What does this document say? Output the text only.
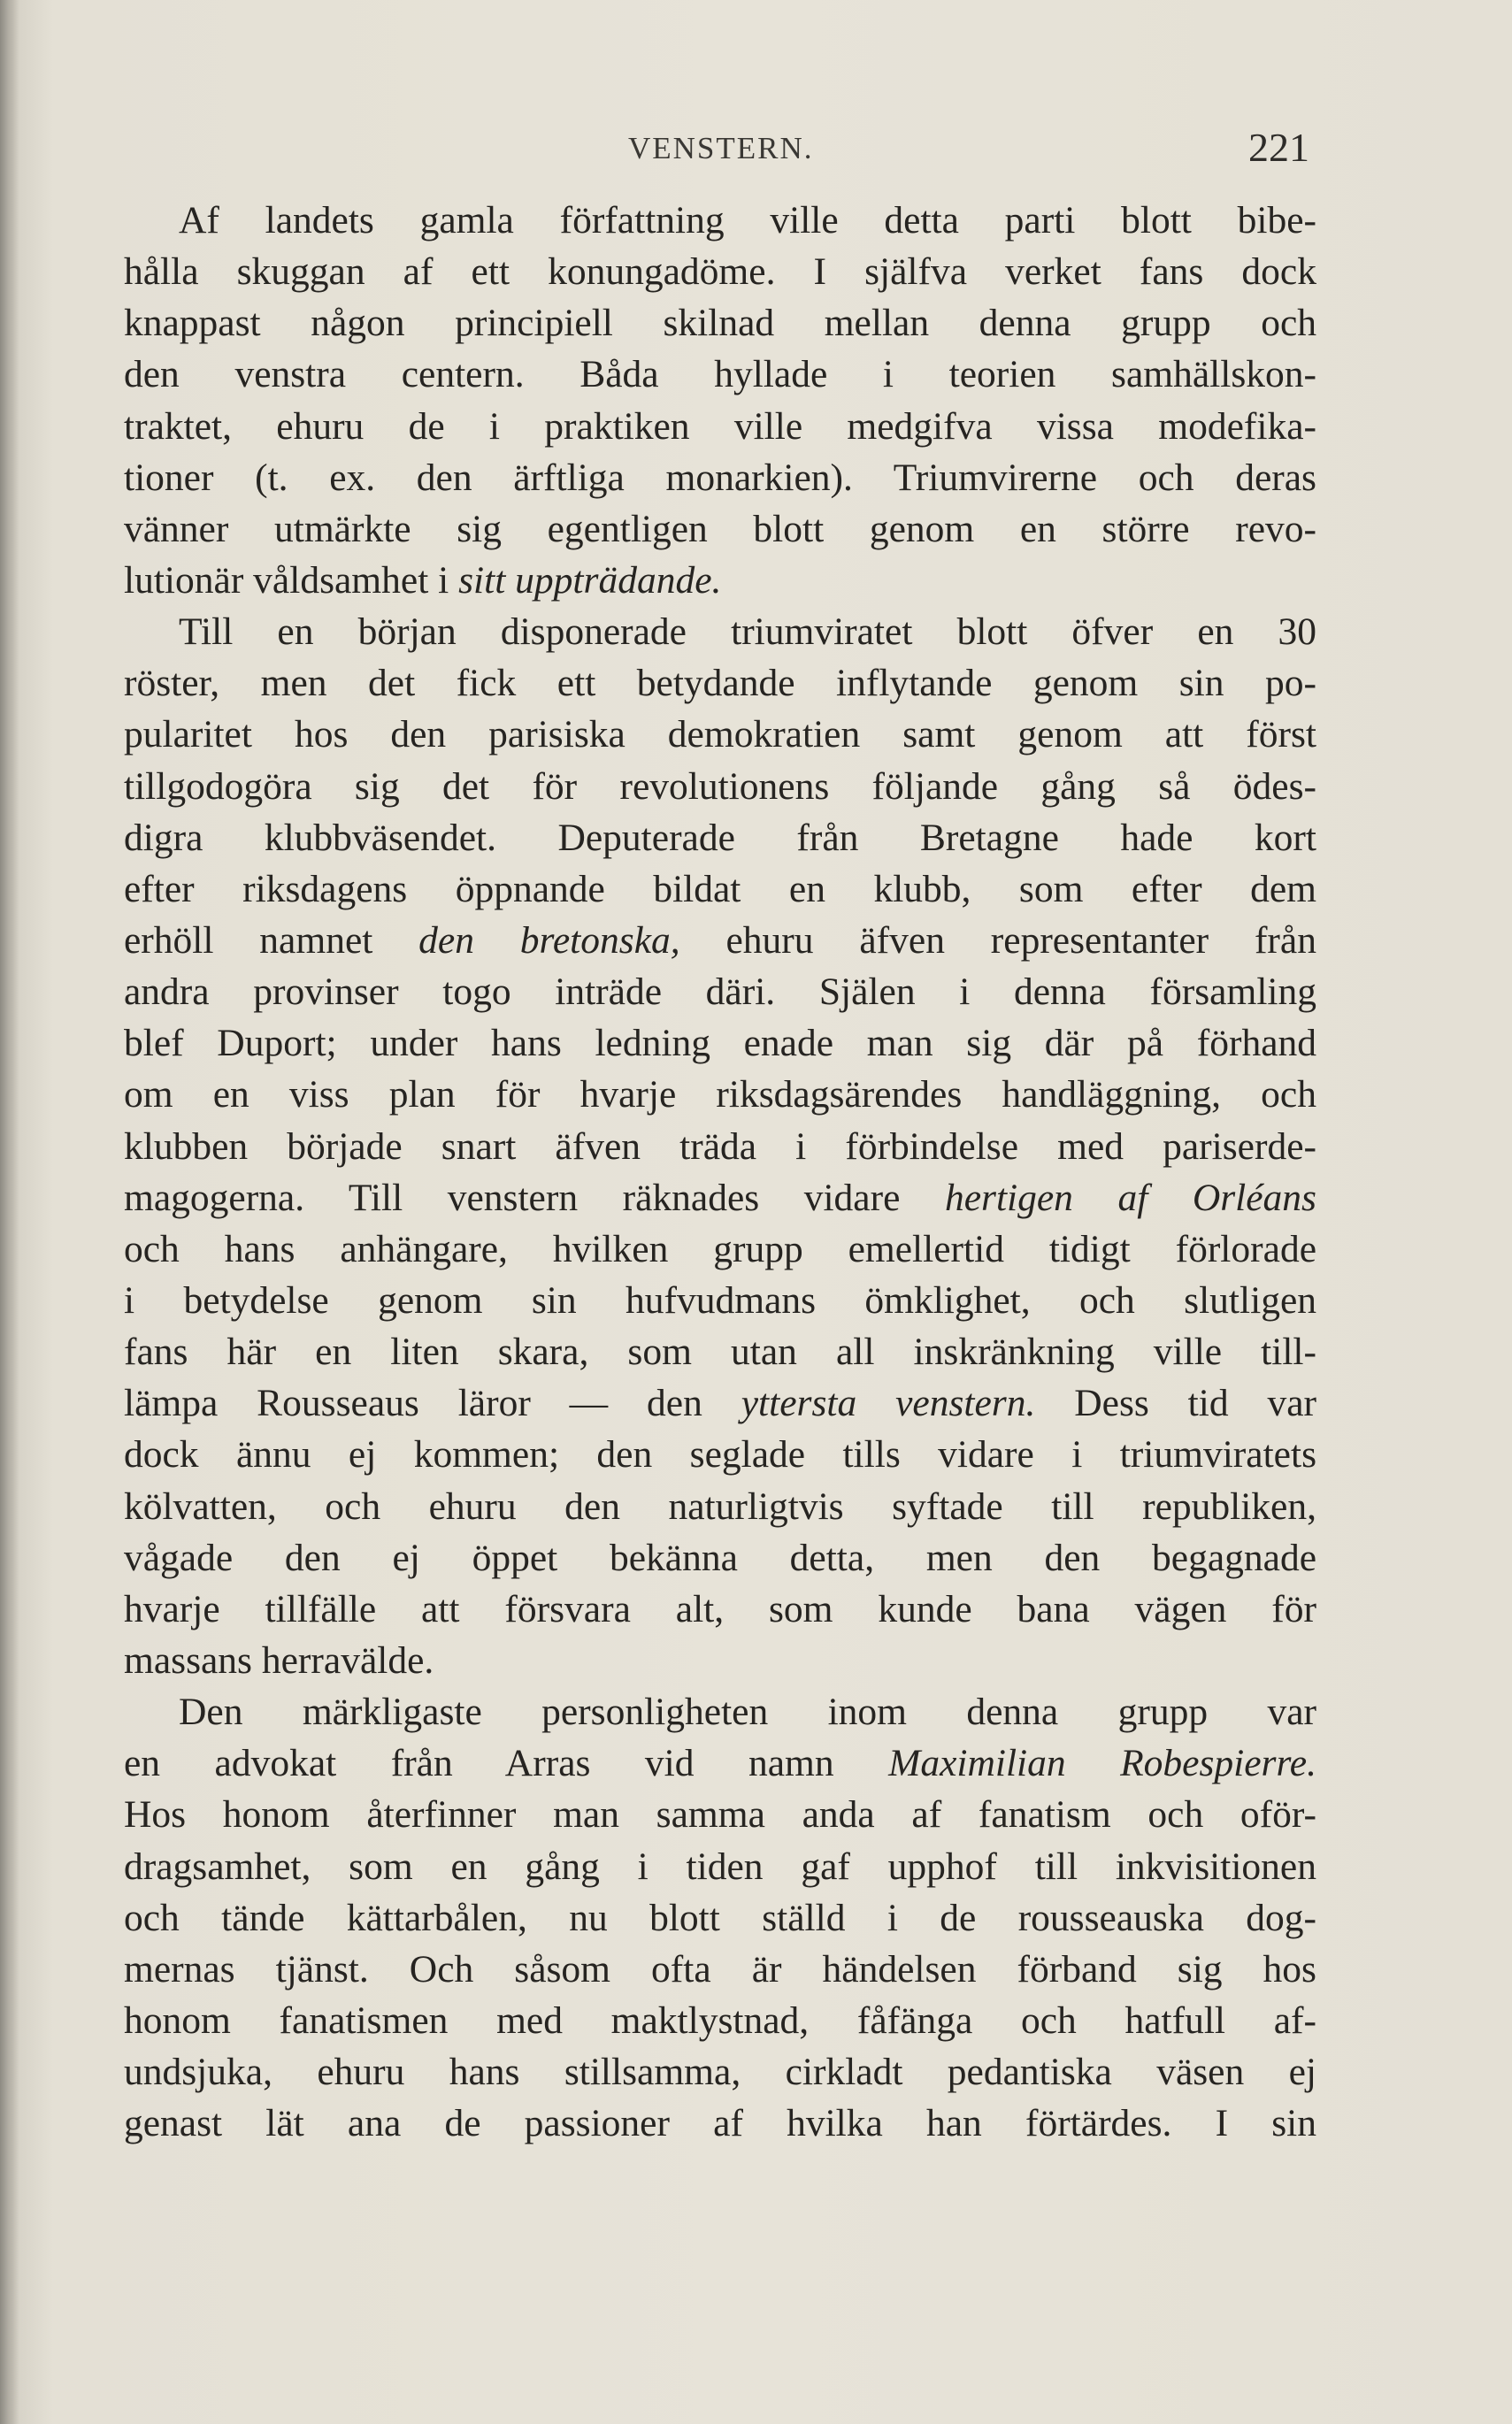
VENSTERN.	221
Af landets gamla författning ville detta parti blott bibe-
hålla skuggan af ett konungadöme. I själfva verket fans dock
knappast någon principiell skilnad mellan denna grupp och
den venstra centern. Båda hyllade i teorien samhällskon-
traktet, ehuru de i praktiken ville medgifva vissa modefika-
tioner (t. ex. den ärftliga monarkien). Triumvirerne och deras
vänner utmärkte sig egentligen blott genom en större revo-
lutionär våldsamhet i sitt uppträdande.
Till en början disponerade triumviratet blott öfver en 30
röster, men det fick ett betydande inflytande genom sin po-
pularitet hos den parisiska demokratien samt genom att först
tillgodogöra sig det för revolutionens följande gång så ödes-
digra klubbväsendet. Deputerade från Bretagne hade kort
efter riksdagens öppnande bildat en klubb, som efter dem
erhöll namnet den bretonska, ehuru äfven representanter från
andra provinser togo inträde däri. Själen i denna församling
blef Duport; under hans ledning enade man sig där på förhand
om en viss plan för hvarje riksdagsärendes handläggning, och
klubben började snart äfven träda i förbindelse med pariserde-
magogerna. Till venstern räknades vidare hertigen af Orléans
och hans anhängare, hvilken grupp emellertid tidigt förlorade
i betydelse genom sin hufvudmans ömklighet, och slutligen
fans här en liten skara, som utan all inskränkning ville till-
lämpa Rousseaus läror — den yttersta venstern. Dess tid var
dock ännu ej kommen; den seglade tills vidare i triumviratets
kölvatten, och ehuru den naturligtvis syftade till republiken,
vågade den ej öppet bekänna detta, men den begagnade
hvarje tillfälle att försvara alt, som kunde bana vägen för
massans herravälde.
Den märkligaste personligheten inom denna grupp var
en advokat från Arras vid namn Maximilian Robespierre.
Hos honom återfinner man samma anda af fanatism och oför-
dragsamhet, som en gång i tiden gaf upphof till inkvisitionen
och tände kättarbålen, nu blott ställd i de rousseauska dog-
mernas tjänst. Och såsom ofta är händelsen förband sig hos
honom fanatismen med maktlystnad, fåfänga och hatfull af-
undsjuka, ehuru hans stillsamma, cirkladt pedantiska väsen ej
genast lät ana de passioner af hvilka han förtärdes. I sin
